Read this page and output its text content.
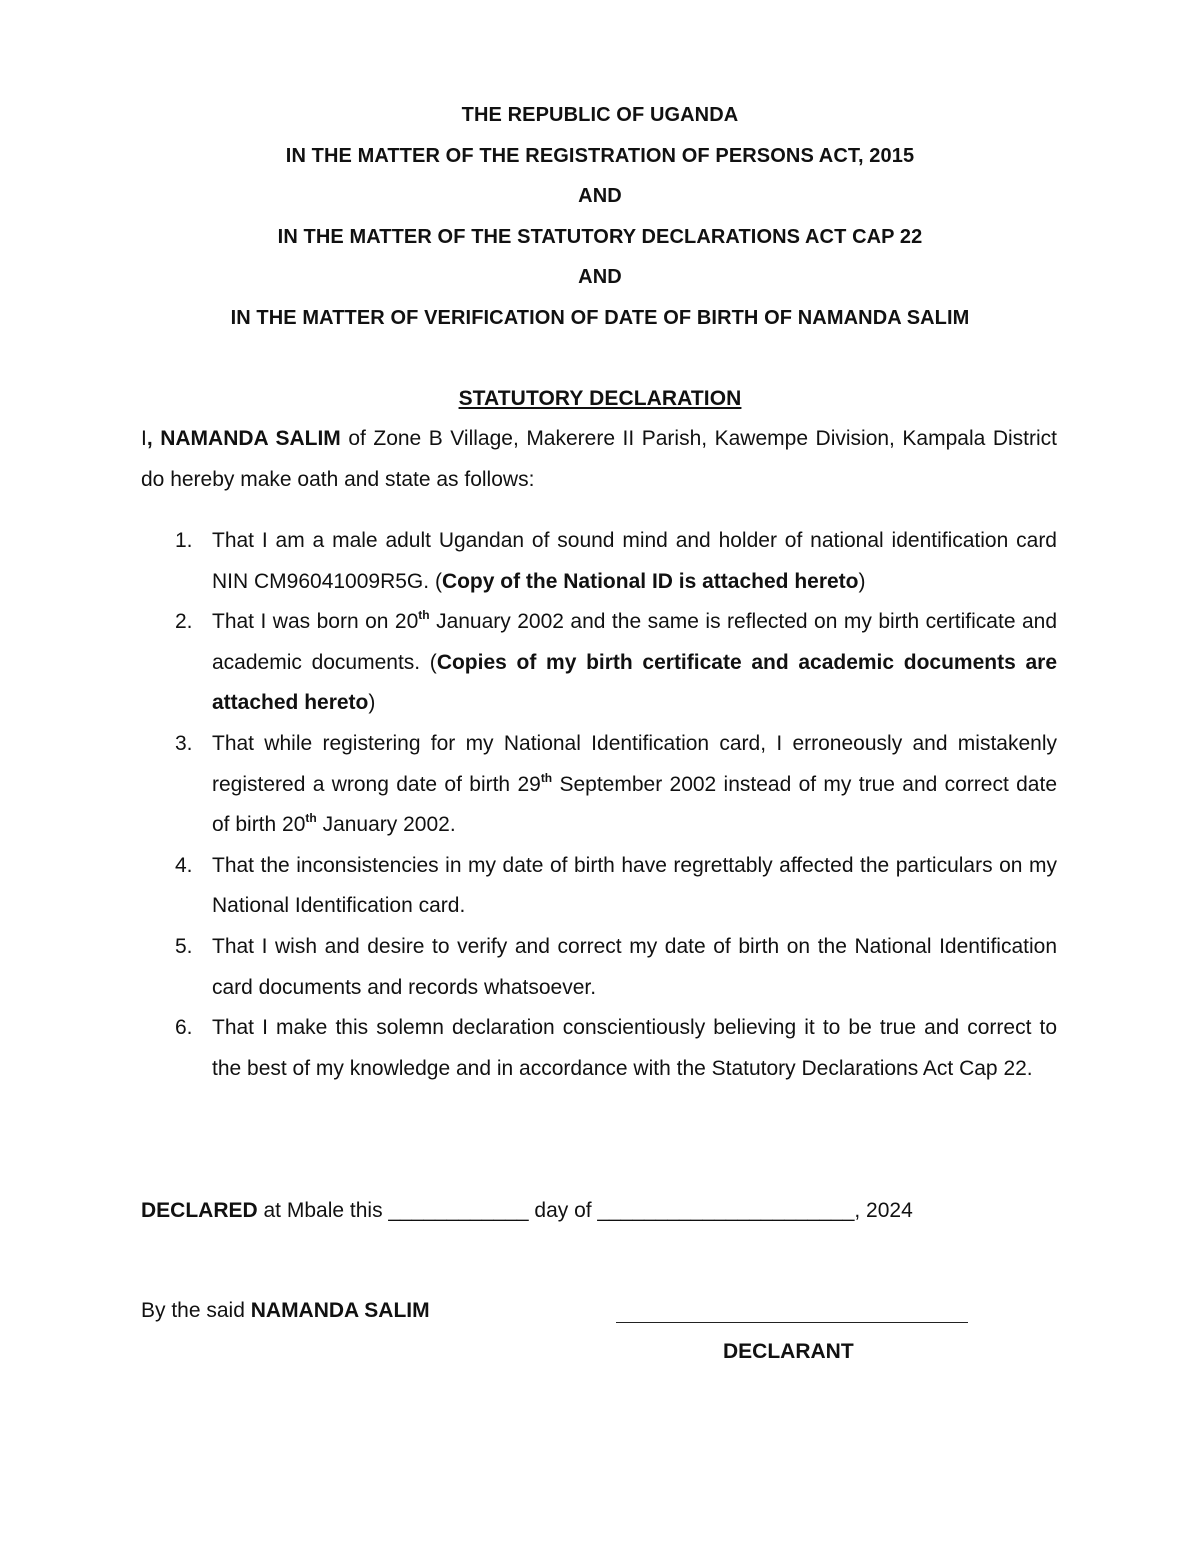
THE REPUBLIC OF UGANDA
IN THE MATTER OF THE REGISTRATION OF PERSONS ACT, 2015
AND
IN THE MATTER OF THE STATUTORY DECLARATIONS ACT CAP 22
AND
IN THE MATTER OF VERIFICATION OF DATE OF BIRTH OF NAMANDA SALIM
STATUTORY DECLARATION
I, NAMANDA SALIM of Zone B Village, Makerere II Parish, Kawempe Division, Kampala District do hereby make oath and state as follows:
1. That I am a male adult Ugandan of sound mind and holder of national identification card NIN CM96041009R5G. (Copy of the National ID is attached hereto)
2. That I was born on 20th January 2002 and the same is reflected on my birth certificate and academic documents. (Copies of my birth certificate and academic documents are attached hereto)
3. That while registering for my National Identification card, I erroneously and mistakenly registered a wrong date of birth 29th September 2002 instead of my true and correct date of birth 20th January 2002.
4. That the inconsistencies in my date of birth have regrettably affected the particulars on my National Identification card.
5. That I wish and desire to verify and correct my date of birth on the National Identification card documents and records whatsoever.
6. That I make this solemn declaration conscientiously believing it to be true and correct to the best of my knowledge and in accordance with the Statutory Declarations Act Cap 22.
DECLARED at Mbale this ____________ day of ______________________, 2024
By the said NAMANDA SALIM
DECLARANT
